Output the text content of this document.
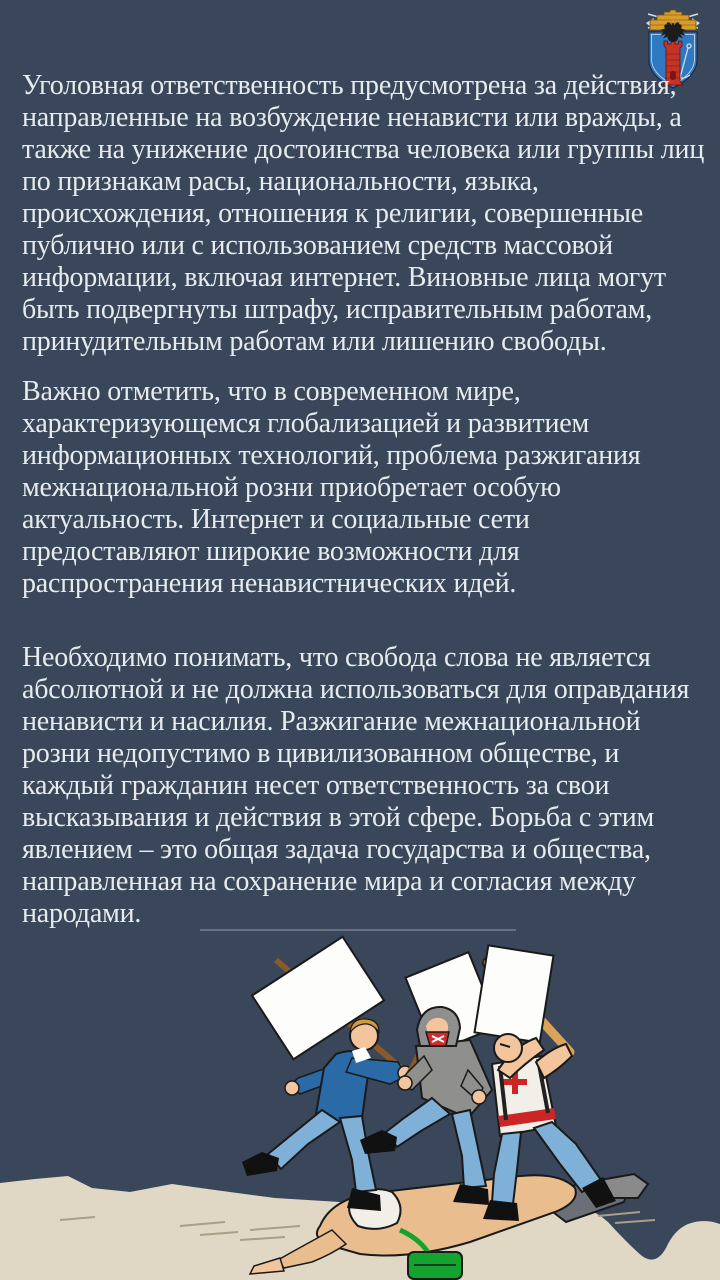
Уголовная ответственность предусмотрена за действия, направленные на возбуждение ненависти или вражды, а также на унижение достоинства человека или группы лиц по признакам расы, национальности, языка, происхождения, отношения к религии, совершенные публично или с использованием средств массовой информации, включая интернет. Виновные лица могут быть подвергнуты штрафу, исправительным работам, принудительным работам или лишению свободы.

Важно отметить, что в современном мире, характеризующемся глобализацией и развитием информационных технологий, проблема разжигания межнациональной розни приобретает особую актуальность. Интернет и социальные сети предоставляют широкие возможности для распространения ненавистнических идей.

Необходимо понимать, что свобода слова не является абсолютной и не должна использоваться для оправдания ненависти и насилия. Разжигание межнациональной розни недопустимо в цивилизованном обществе, и каждый гражданин несет ответственность за свои высказывания и действия в этой сфере. Борьба с этим явлением – это общая задача государства и общества, направленная на сохранение мира и согласия между народами.
